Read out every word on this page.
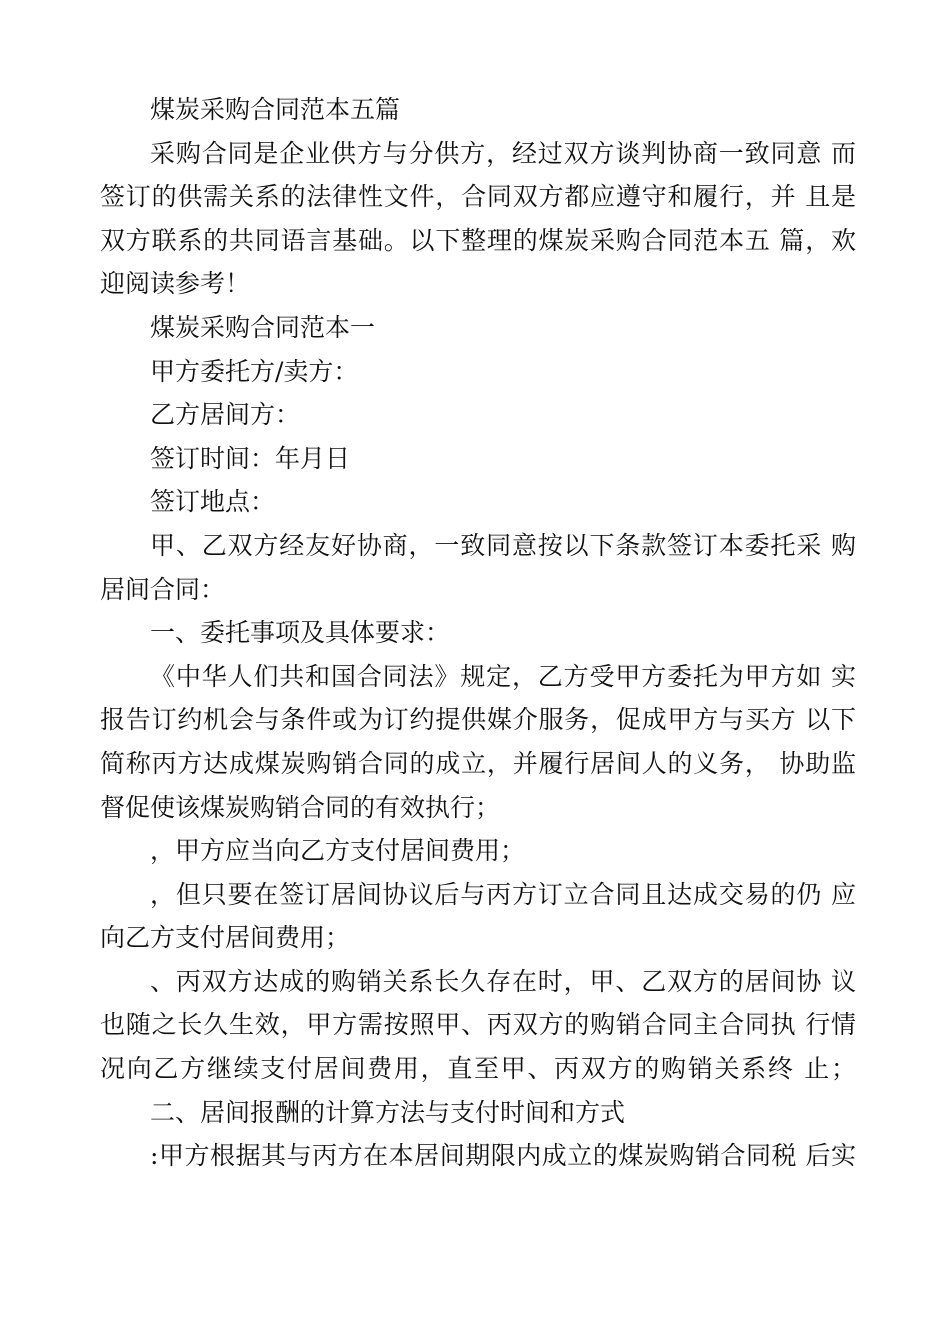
煤炭采购合同范本五篇
采购合同是企业供方与分供方，经过双方谈判协商一致同意 而
签订的供需关系的法律性文件，合同双方都应遵守和履行，并 且是
双方联系的共同语言基础。以下整理的煤炭采购合同范本五 篇，欢
迎阅读参考！
煤炭采购合同范本一
甲方委托方/卖方：
乙方居间方：
签订时间：年月日
签订地点：
甲、乙双方经友好协商，一致同意按以下条款签订本委托采 购
居间合同：
一、委托事项及具体要求：
《中华人们共和国合同法》规定，乙方受甲方委托为甲方如 实
报告订约机会与条件或为订约提供媒介服务，促成甲方与买方 以下
简称丙方达成煤炭购销合同的成立，并履行居间人的义务， 协助监
督促使该煤炭购销合同的有效执行；
，甲方应当向乙方支付居间费用；
，但只要在签订居间协议后与丙方订立合同且达成交易的仍 应
向乙方支付居间费用；
、丙双方达成的购销关系长久存在时，甲、乙双方的居间协 议
也随之长久生效，甲方需按照甲、丙双方的购销合同主合同执 行情
况向乙方继续支付居间费用，直至甲、丙双方的购销关系终 止；
二、居间报酬的计算方法与支付时间和方式
:甲方根据其与丙方在本居间期限内成立的煤炭购销合同税 后实
